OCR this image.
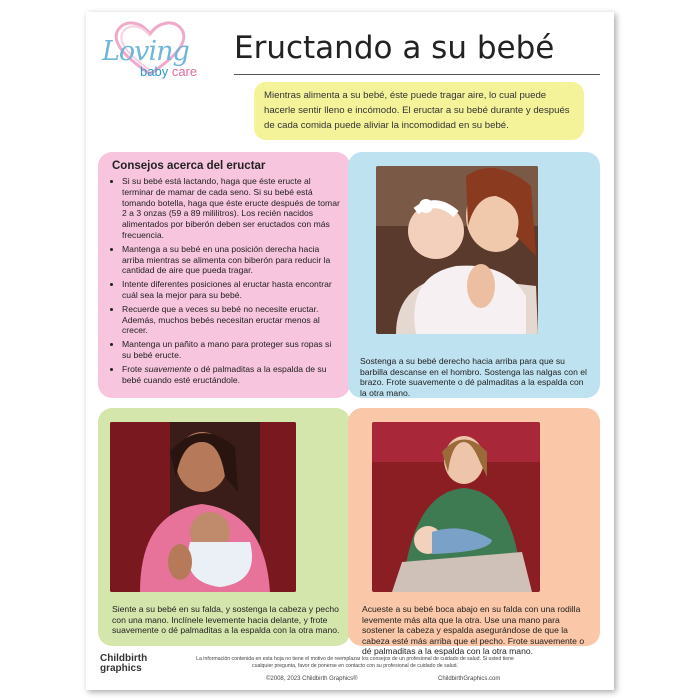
Loving
baby care
Eructando a su bebé
Mientras alimenta a su bebé, éste puede tragar aire, lo cual puede hacerle sentir lleno e incómodo. El eructar a su bebé durante y después de cada comida puede aliviar la incomodidad en su bebé.
Consejos acerca del eructar
• Si su bebé está lactando, haga que éste eructe al terminar de mamar de cada seno. Si su bebé está tomando botella, haga que éste eructe después de tomar 2 a 3 onzas (59 a 89 mililitros). Los recién nacidos alimentados por biberón deben ser eructados con más frecuencia.
• Mantenga a su bebé en una posición derecha hacia arriba mientras se alimenta con biberón para reducir la cantidad de aire que pueda tragar.
• Intente diferentes posiciones al eructar hasta encontrar cuál sea la mejor para su bebé.
• Recuerde que a veces su bebé no necesite eructar. Además, muchos bebés necesitan eructar menos al crecer.
• Mantenga un pañito a mano para proteger sus ropas si su bebé eructe.
• Frote suavemente o dé palmaditas a la espalda de su bebé cuando esté eructándole.
Sostenga a su bebé derecho hacia arriba para que su barbilla descanse en el hombro. Sostenga las nalgas con el brazo. Frote suavemente o dé palmaditas a la espalda con la otra mano.
Siente a su bebé en su falda, y sostenga la cabeza y pecho con una mano. Inclínele levemente hacia delante, y frote suavemente o dé palmaditas a la espalda con la otra mano.
Acueste a su bebé boca abajo en su falda con una rodilla levemente más alta que la otra. Use una mano para sostener la cabeza y espalda asegurándose de que la cabeza esté más arriba que el pecho. Frote suavemente o dé palmaditas a la espalda con la otra mano.
Childbirth
graphics
La información contenida en esta hoja no tiene el motivo de reemplazar los consejos de un profesional de cuidado de salud. Si usted tiene cualquier pregunta, favor de ponerse en contacto con su profesional de cuidado de salud.
©2008, 2023 Childbirth Graphics®	ChildbirthGraphics.com
